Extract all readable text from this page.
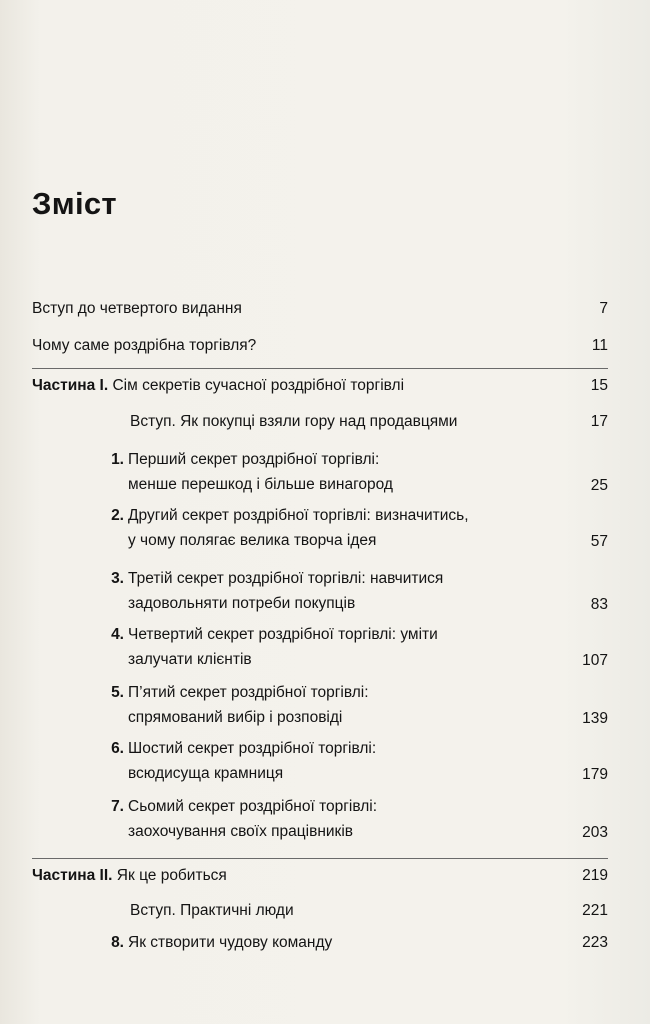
Зміст
Вступ до четвертого видання	7
Чому саме роздрібна торгівля?	11
Частина I. Сім секретів сучасної роздрібної торгівлі	15
Вступ. Як покупці взяли гору над продавцями	17
1. Перший секрет роздрібної торгівлі:
менше перешкод і більше винагород	25
2. Другий секрет роздрібної торгівлі: визначитись,
у чому полягає велика творча ідея	57
3. Третій секрет роздрібної торгівлі: навчитися
задовольняти потреби покупців	83
4. Четвертий секрет роздрібної торгівлі: уміти
залучати клієнтів	107
5. П’ятий секрет роздрібної торгівлі:
спрямований вибір і розповіді	139
6. Шостий секрет роздрібної торгівлі:
всюдисуща крамниця	179
7. Сьомий секрет роздрібної торгівлі:
заохочування своїх працівників	203
Частина II. Як це робиться	219
Вступ. Практичні люди	221
8. Як створити чудову команду	223
